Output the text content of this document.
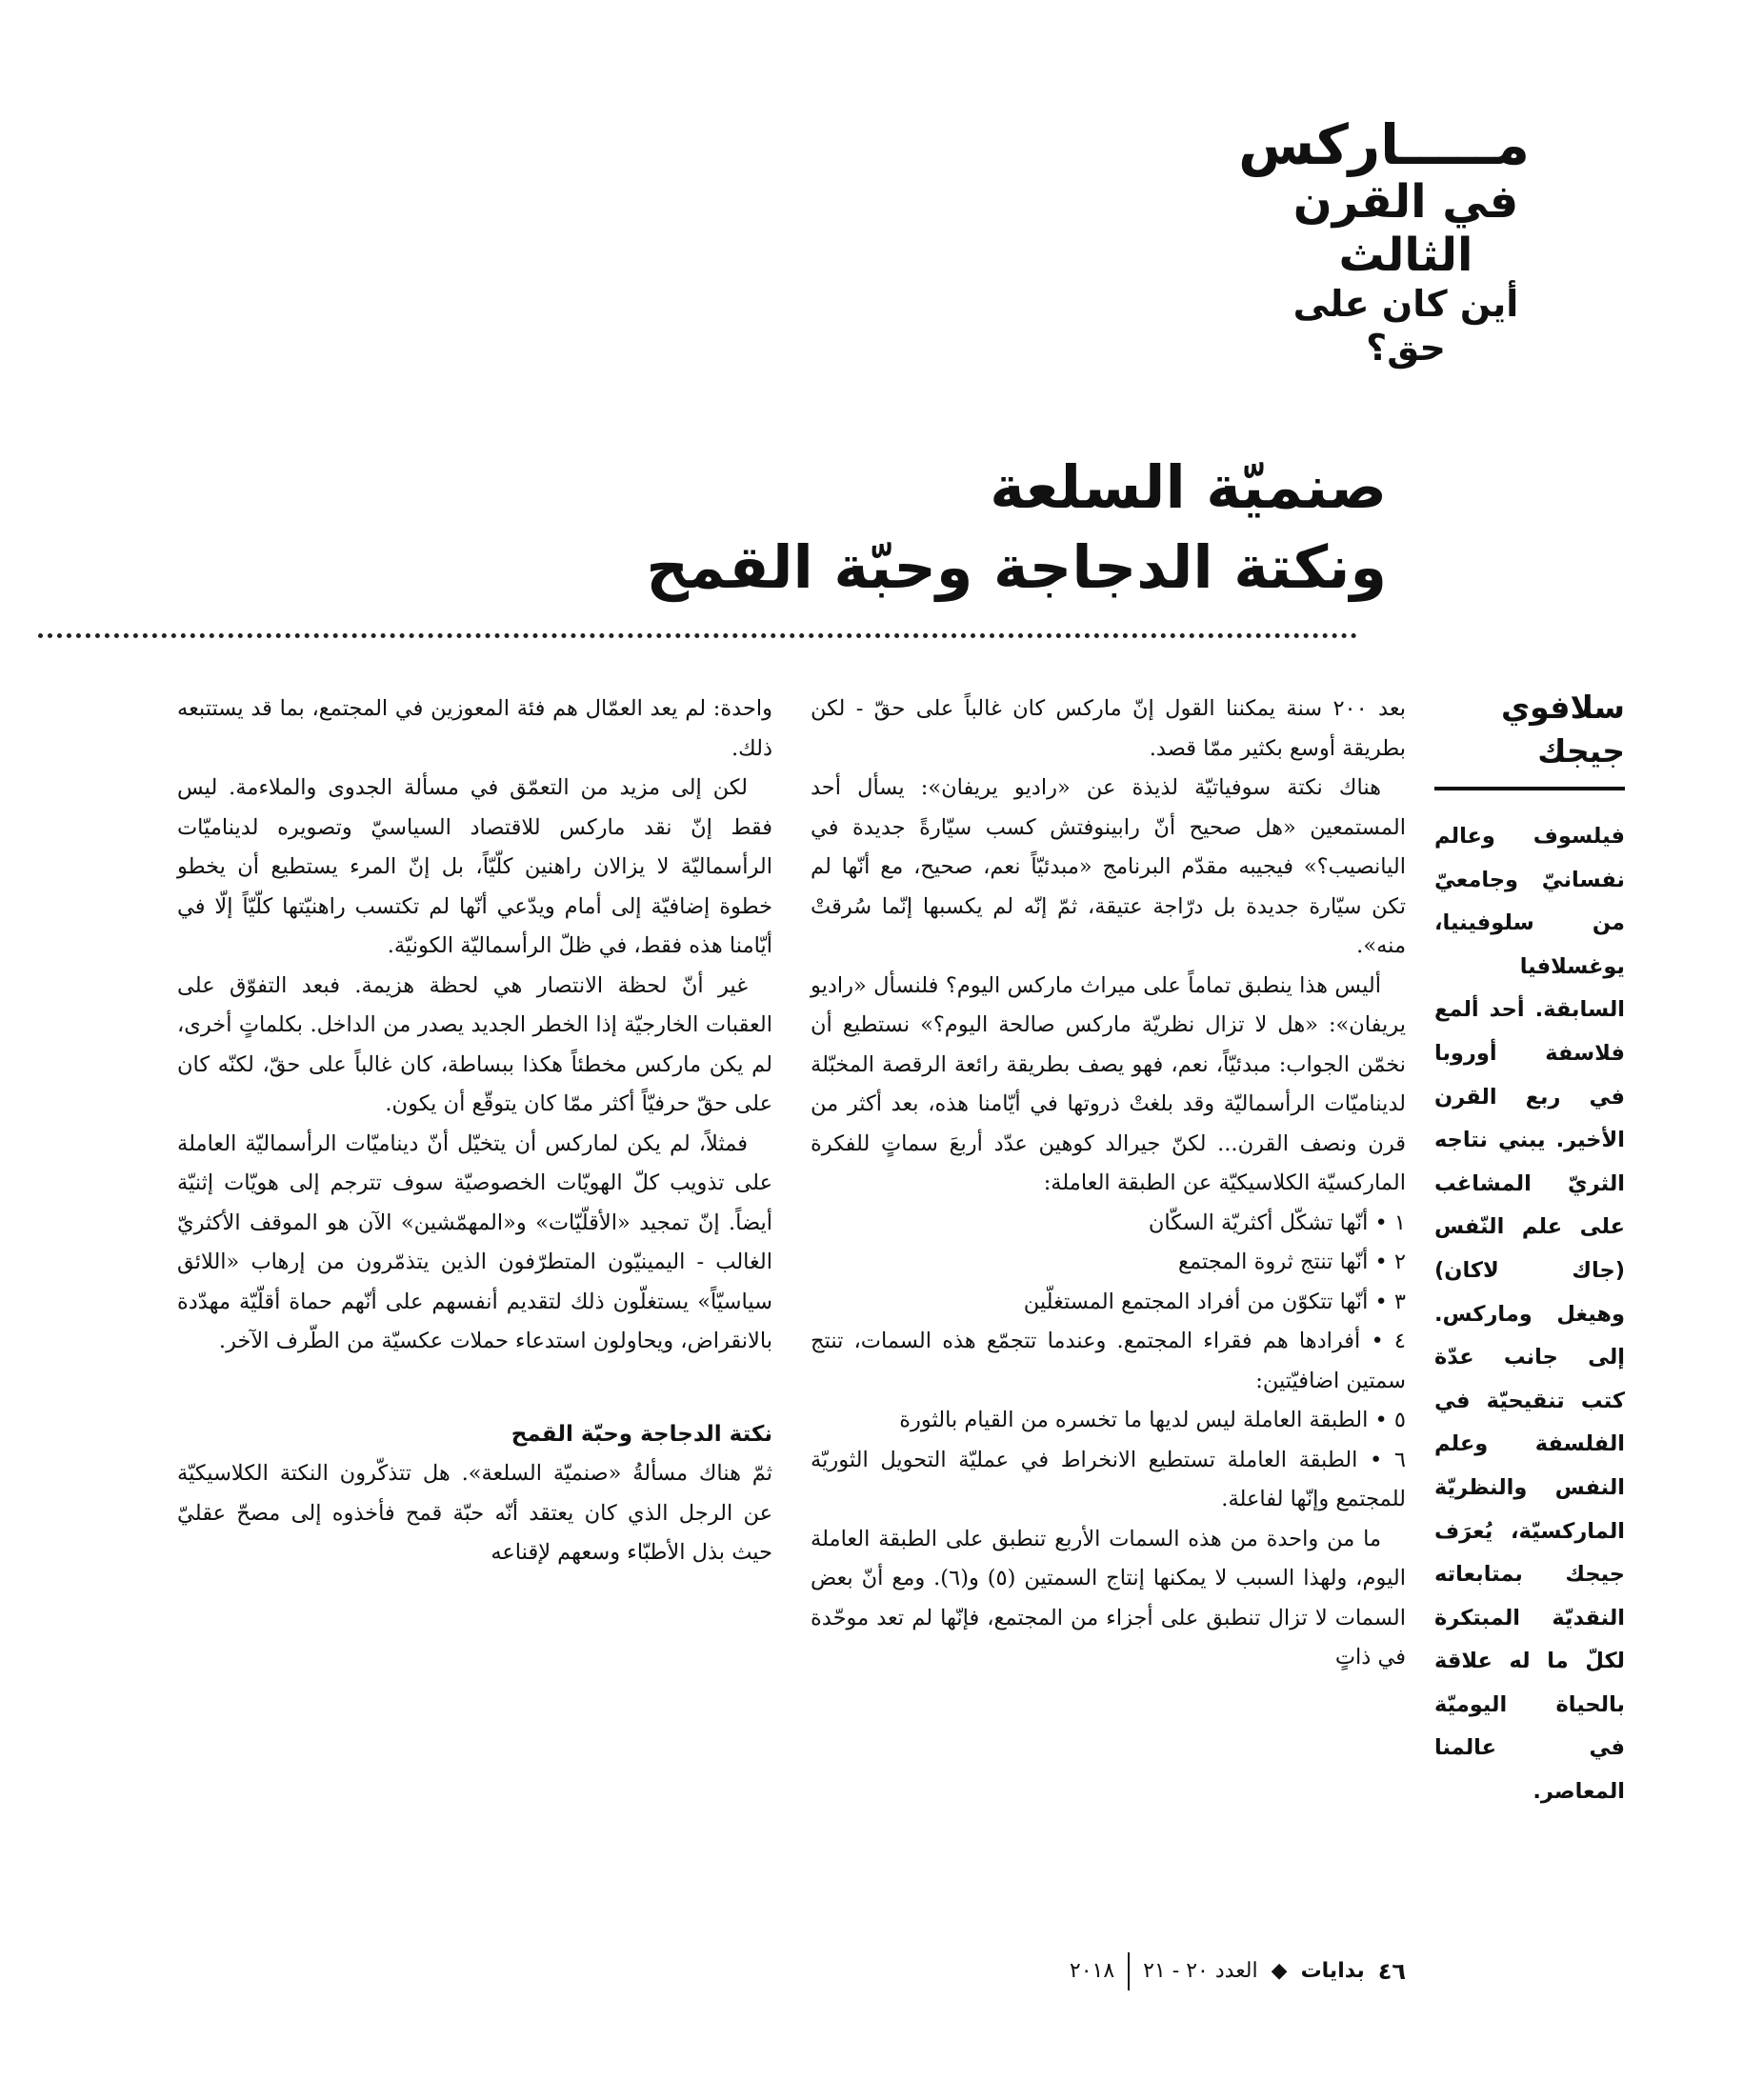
مـــــاركس
في القرن الثالث
أين كان على حق؟
صنميّة السلعة
ونكتة الدجاجة وحبّة القمح
سلافوي جيجك

فيلسوف وعالم نفسانيّ وجامعيّ من سلوفينيا، يوغسلافيا السابقة. أحد ألمع فلاسفة أوروبا في ربع القرن الأخير. يبني نتاجه الثريّ المشاغب على علم النّفس (جاك لاكان) وهيغل وماركس. إلى جانب عدّة كتب تنقيحيّة في الفلسفة وعلم النفس والنظريّة الماركسيّة، يُعرَف جيجك بمتابعاته النقديّة المبتكرة لكلّ ما له علاقة بالحياة اليوميّة في عالمنا المعاصر.

بعد ٢٠٠ سنة يمكننا القول إنّ ماركس كان غالباً على حقّ - لكن بطريقة أوسع بكثير ممّا قصد.

هناك نكتة سوفياتيّة لذيذة عن «راديو يريفان»: يسأل أحد المستمعين «هل صحيح أنّ رابينوفتش كسب سيّارةً جديدة في اليانصيب؟» فيجيبه مقدّم البرنامج «مبدئيّاً نعم، صحيح، مع أنّها لم تكن سيّارة جديدة بل درّاجة عتيقة، ثمّ إنّه لم يكسبها إنّما سُرقتْ منه».

أليس هذا ينطبق تماماً على ميراث ماركس اليوم؟ فلنسأل «راديو يريفان»: «هل لا تزال نظريّة ماركس صالحة اليوم؟» نستطيع أن نخمّن الجواب: مبدئيّاً، نعم، فهو يصف بطريقة رائعة الرقصة المخبّلة لديناميّات الرأسماليّة وقد بلغتْ ذروتها في أيّامنا هذه، بعد أكثر من قرن ونصف القرن... لكنّ جيرالد كوهين عدّد أربعَ سماتٍ للفكرة الماركسيّة الكلاسيكيّة عن الطبقة العاملة:

١ • أنّها تشكّل أكثريّة السكّان
٢ • أنّها تنتج ثروة المجتمع
٣ • أنّها تتكوّن من أفراد المجتمع المستغلّين
٤ • أفرادها هم فقراء المجتمع. وعندما تتجمّع هذه السمات، تنتج سمتين اضافيّتين:
٥ • الطبقة العاملة ليس لديها ما تخسره من القيام بالثورة
٦ • الطبقة العاملة تستطيع الانخراط في عمليّة التحويل الثوريّة للمجتمع وإنّها لفاعلة.

ما من واحدة من هذه السمات الأربع تنطبق على الطبقة العاملة اليوم، ولهذا السبب لا يمكنها إنتاج السمتين (٥) و(٦). ومع أنّ بعض السمات لا تزال تنطبق على أجزاء من المجتمع، فإنّها لم تعد موحّدة في ذاتٍ

واحدة: لم يعد العمّال هم فئة المعوزين في المجتمع، بما قد يستتبعه ذلك.

لكن إلى مزيد من التعمّق في مسألة الجدوى والملاءمة. ليس فقط إنّ نقد ماركس للاقتصاد السياسيّ وتصويره لديناميّات الرأسماليّة لا يزالان راهنين كلّيّاً، بل إنّ المرء يستطيع أن يخطو خطوة إضافيّة إلى أمام ويدّعي أنّها لم تكتسب راهنيّتها كلّيّاً إلّا في أيّامنا هذه فقط، في ظلّ الرأسماليّة الكونيّة.

غير أنّ لحظة الانتصار هي لحظة هزيمة. فبعد التفوّق على العقبات الخارجيّة إذا الخطر الجديد يصدر من الداخل. بكلماتٍ أخرى، لم يكن ماركس مخطئاً هكذا ببساطة، كان غالباً على حقّ، لكنّه كان على حقّ حرفيّاً أكثر ممّا كان يتوقّع أن يكون.

فمثلاً، لم يكن لماركس أن يتخيّل أنّ ديناميّات الرأسماليّة العاملة على تذويب كلّ الهويّات الخصوصيّة سوف تترجم إلى هويّات إثنيّة أيضاً. إنّ تمجيد «الأقلّيّات» و«المهمّشين» الآن هو الموقف الأكثريّ الغالب - اليمينيّون المتطرّفون الذين يتذمّرون من إرهاب «اللائق سياسيّاً» يستغلّون ذلك لتقديم أنفسهم على أنّهم حماة أقلّيّة مهدّدة بالانقراض، ويحاولون استدعاء حملات عكسيّة من الطّرف الآخر.

نكتة الدجاجة وحبّة القمح

ثمّ هناك مسألةُ «صنميّة السلعة». هل تتذكّرون النكتة الكلاسيكيّة عن الرجل الذي كان يعتقد أنّه حبّة قمح فأخذوه إلى مصحّ عقليّ حيث بذل الأطبّاء وسعهم لإقناعه

٤٦
بدايات
◆
العدد ٢٠ - ٢١
٢٠١٨
